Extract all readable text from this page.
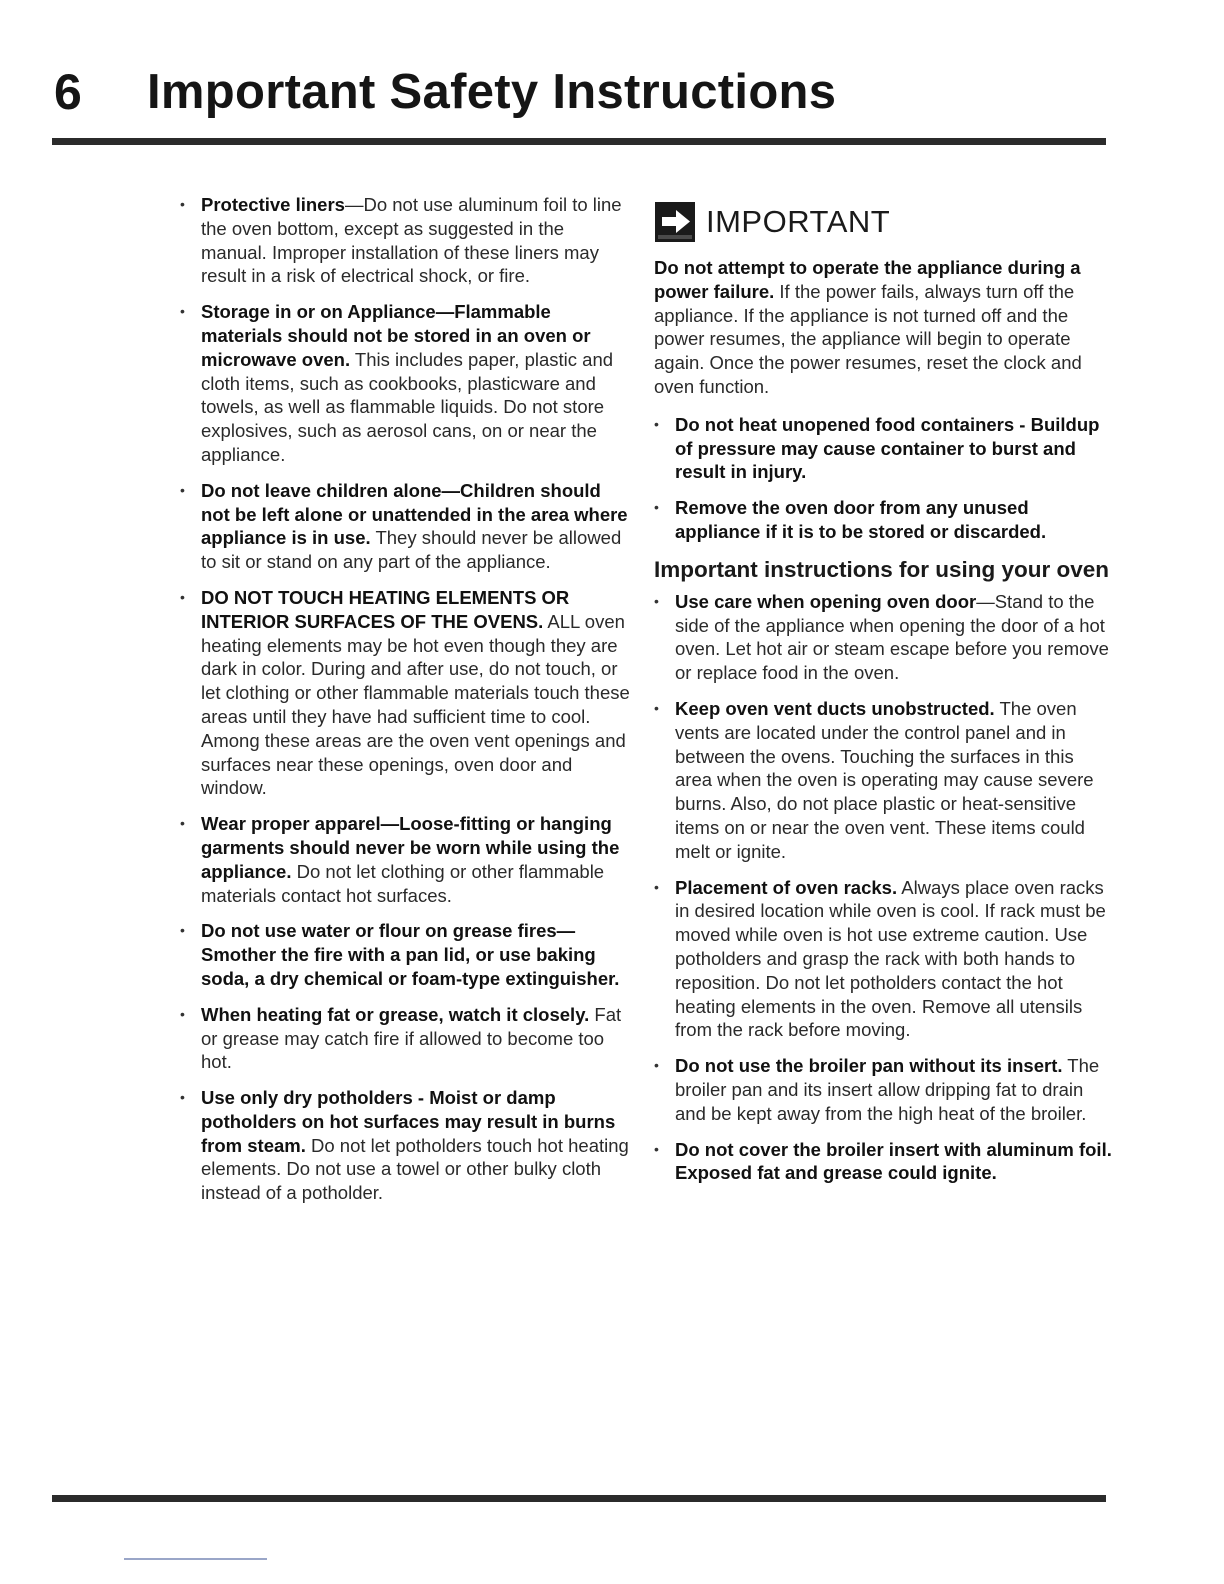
6 Important Safety Instructions
• Protective liners—Do not use aluminum foil to line the oven bottom, except as suggested in the manual. Improper installation of these liners may result in a risk of electrical shock, or fire.
• Storage in or on Appliance—Flammable materials should not be stored in an oven or microwave oven. This includes paper, plastic and cloth items, such as cookbooks, plasticware and towels, as well as flammable liquids. Do not store explosives, such as aerosol cans, on or near the appliance.
• Do not leave children alone—Children should not be left alone or unattended in the area where appliance is in use. They should never be allowed to sit or stand on any part of the appliance.
• DO NOT TOUCH HEATING ELEMENTS OR INTERIOR SURFACES OF THE OVENS. ALL oven heating elements may be hot even though they are dark in color. During and after use, do not touch, or let clothing or other flammable materials touch these areas until they have had sufficient time to cool. Among these areas are the oven vent openings and surfaces near these openings, oven door and window.
• Wear proper apparel—Loose-fitting or hanging garments should never be worn while using the appliance. Do not let clothing or other flammable materials contact hot surfaces.
• Do not use water or flour on grease fires— Smother the fire with a pan lid, or use baking soda, a dry chemical or foam-type extinguisher.
• When heating fat or grease, watch it closely. Fat or grease may catch fire if allowed to become too hot.
• Use only dry potholders - Moist or damp potholders on hot surfaces may result in burns from steam. Do not let potholders touch hot heating elements. Do not use a towel or other bulky cloth instead of a potholder.
IMPORTANT

Do not attempt to operate the appliance during a power failure. If the power fails, always turn off the appliance. If the appliance is not turned off and the power resumes, the appliance will begin to operate again. Once the power resumes, reset the clock and oven function.

• Do not heat unopened food containers - Buildup of pressure may cause container to burst and result in injury.
• Remove the oven door from any unused appliance if it is to be stored or discarded.
Important instructions for using your oven
• Use care when opening oven door—Stand to the side of the appliance when opening the door of a hot oven. Let hot air or steam escape before you remove or replace food in the oven.
• Keep oven vent ducts unobstructed. The oven vents are located under the control panel and in between the ovens. Touching the surfaces in this area when the oven is operating may cause severe burns. Also, do not place plastic or heat-sensitive items on or near the oven vent. These items could melt or ignite.
• Placement of oven racks. Always place oven racks in desired location while oven is cool. If rack must be moved while oven is hot use extreme caution. Use potholders and grasp the rack with both hands to reposition. Do not let potholders contact the hot heating elements in the oven. Remove all utensils from the rack before moving.
• Do not use the broiler pan without its insert. The broiler pan and its insert allow dripping fat to drain and be kept away from the high heat of the broiler.
• Do not cover the broiler insert with aluminum foil. Exposed fat and grease could ignite.
